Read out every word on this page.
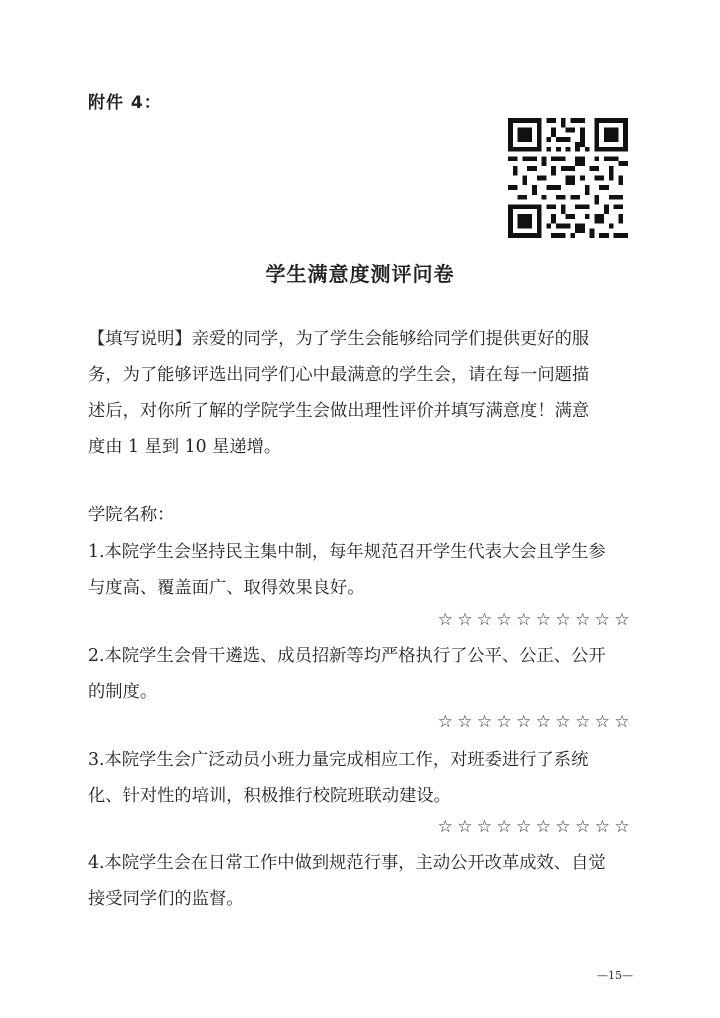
附件 4：
学生满意度测评问卷
【填写说明】亲爱的同学，为了学生会能够给同学们提供更好的服
务，为了能够评选出同学们心中最满意的学生会，请在每一问题描
述后，对你所了解的学院学生会做出理性评价并填写满意度！满意
度由 1 星到 10 星递增。
学院名称：
1.本院学生会坚持民主集中制，每年规范召开学生代表大会且学生参
与度高、覆盖面广、取得效果良好。
☆☆☆☆☆☆☆☆☆☆
2.本院学生会骨干遴选、成员招新等均严格执行了公平、公正、公开
的制度。
☆☆☆☆☆☆☆☆☆☆
3.本院学生会广泛动员小班力量完成相应工作，对班委进行了系统
化、针对性的培训，积极推行校院班联动建设。
☆☆☆☆☆☆☆☆☆☆
4.本院学生会在日常工作中做到规范行事，主动公开改革成效、自觉
接受同学们的监督。
—15—
